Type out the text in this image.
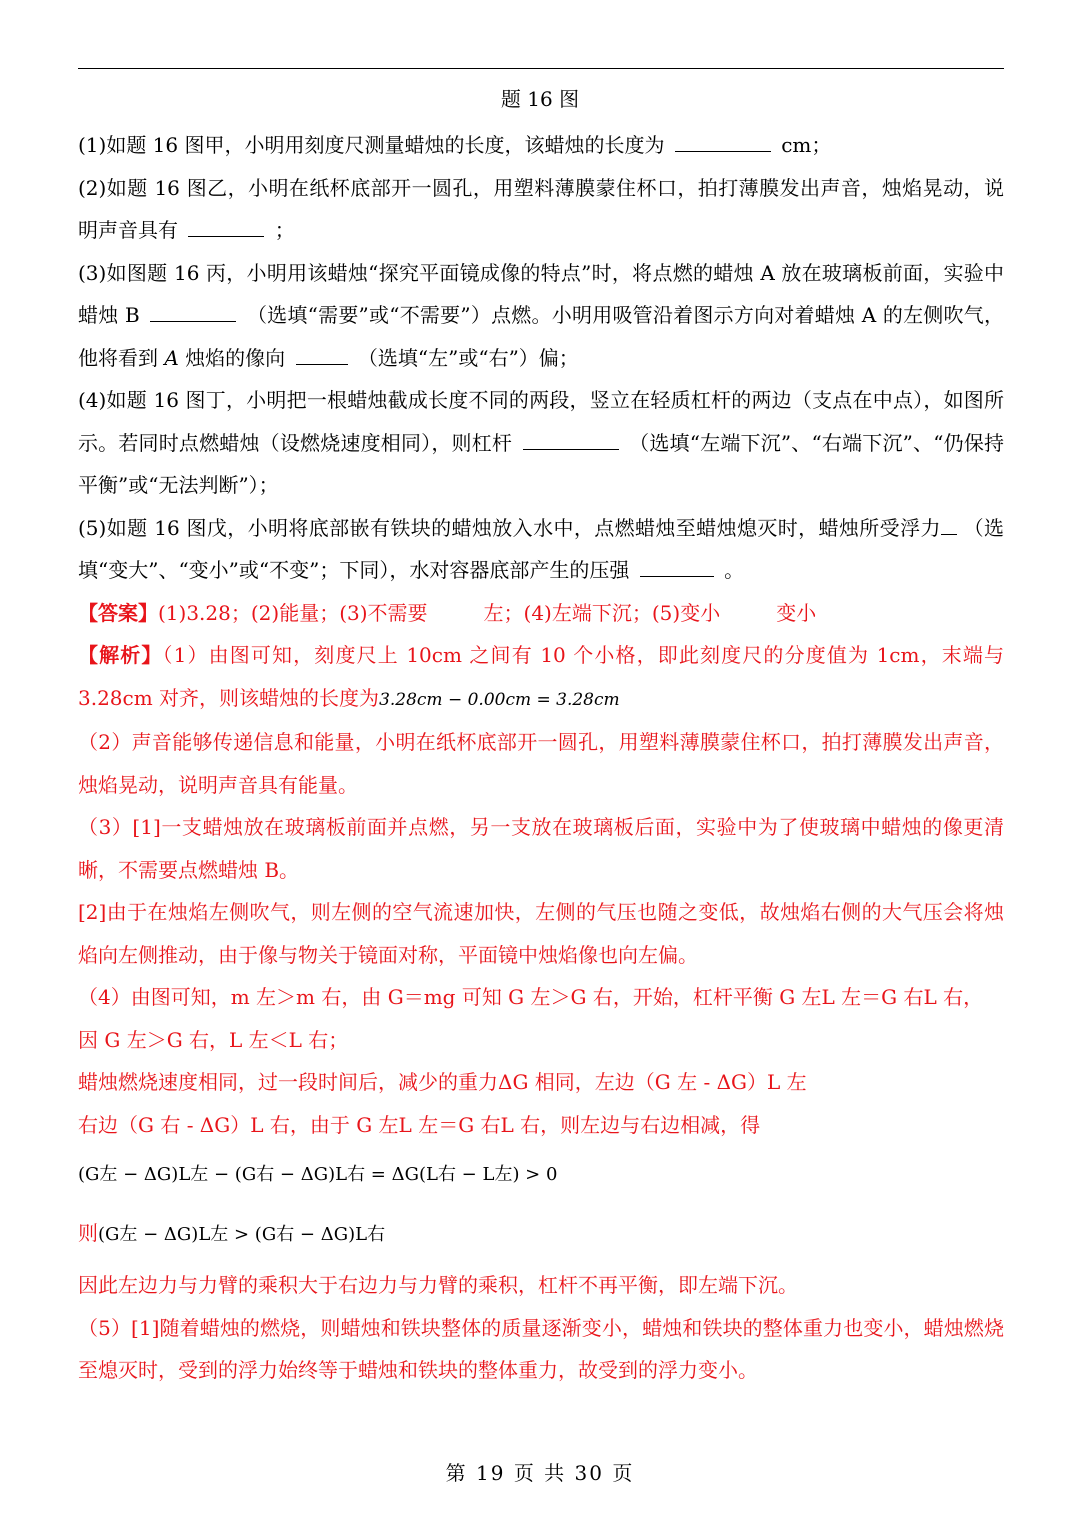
题 16 图
(1)如题 16 图甲，小明用刻度尺测量蜡烛的长度，该蜡烛的长度为	cm；
(2)如题 16 图乙，小明在纸杯底部开一圆孔，用塑料薄膜蒙住杯口，拍打薄膜发出声音，烛焰晃动，说明声音具有	；
(3)如图题 16 丙，小明用该蜡烛“探究平面镜成像的特点”时，将点燃的蜡烛 A 放在玻璃板前面，实验中蜡烛 B	（选填“需要”或“不需要”）点燃。小明用吸管沿着图示方向对着蜡烛 A 的左侧吹气，他将看到 A 烛焰的像向	（选填“左”或“右”）偏；
(4)如题 16 图丁，小明把一根蜡烛截成长度不同的两段，竖立在轻质杠杆的两边（支点在中点），如图所示。若同时点燃蜡烛（设燃烧速度相同），则杠杆	（选填“左端下沉”、“右端下沉”、“仍保持平衡”或“无法判断”）；
(5)如题 16 图戊，小明将底部嵌有铁块的蜡烛放入水中，点燃蜡烛至蜡烛熄灭时，蜡烛所受浮力 （选填“变大”、“变小”或“不变”；下同），水对容器底部产生的压强	。
【答案】(1)3.28；(2)能量；(3)不需要	左；(4)左端下沉；(5)变小	变小
【解析】（1）由图可知，刻度尺上 10cm 之间有 10 个小格，即此刻度尺的分度值为 1cm，末端与 3.28cm 对齐，则该蜡烛的长度为3.28cm − 0.00cm = 3.28cm
（2）声音能够传递信息和能量，小明在纸杯底部开一圆孔，用塑料薄膜蒙住杯口，拍打薄膜发出声音，烛焰晃动，说明声音具有能量。
（3）[1]一支蜡烛放在玻璃板前面并点燃，另一支放在玻璃板后面，实验中为了使玻璃中蜡烛的像更清晰，不需要点燃蜡烛 B。
[2]由于在烛焰左侧吹气，则左侧的空气流速加快，左侧的气压也随之变低，故烛焰右侧的大气压会将烛焰向左侧推动，由于像与物关于镜面对称，平面镜中烛焰像也向左偏。
（4）由图可知，m 左＞m 右，由 G＝mg 可知 G 左＞G 右，开始，杠杆平衡 G 左L 左＝G 右L 右，
因 G 左＞G 右，L 左＜L 右；
蜡烛燃烧速度相同，过一段时间后，减少的重力ΔG 相同，左边（G 左 - ΔG）L 左
右边（G 右 - ΔG）L 右，由于 G 左L 左＝G 右L 右，则左边与右边相减，得
(G左 − ΔG)L左 − (G右 − ΔG)L右 = ΔG(L右 − L左) > 0
则(G左 − ΔG)L左 > (G右 − ΔG)L右
因此左边力与力臂的乘积大于右边力与力臂的乘积，杠杆不再平衡，即左端下沉。
（5）[1]随着蜡烛的燃烧，则蜡烛和铁块整体的质量逐渐变小，蜡烛和铁块的整体重力也变小，蜡烛燃烧至熄灭时，受到的浮力始终等于蜡烛和铁块的整体重力，故受到的浮力变小。
第 19 页 共 30 页
